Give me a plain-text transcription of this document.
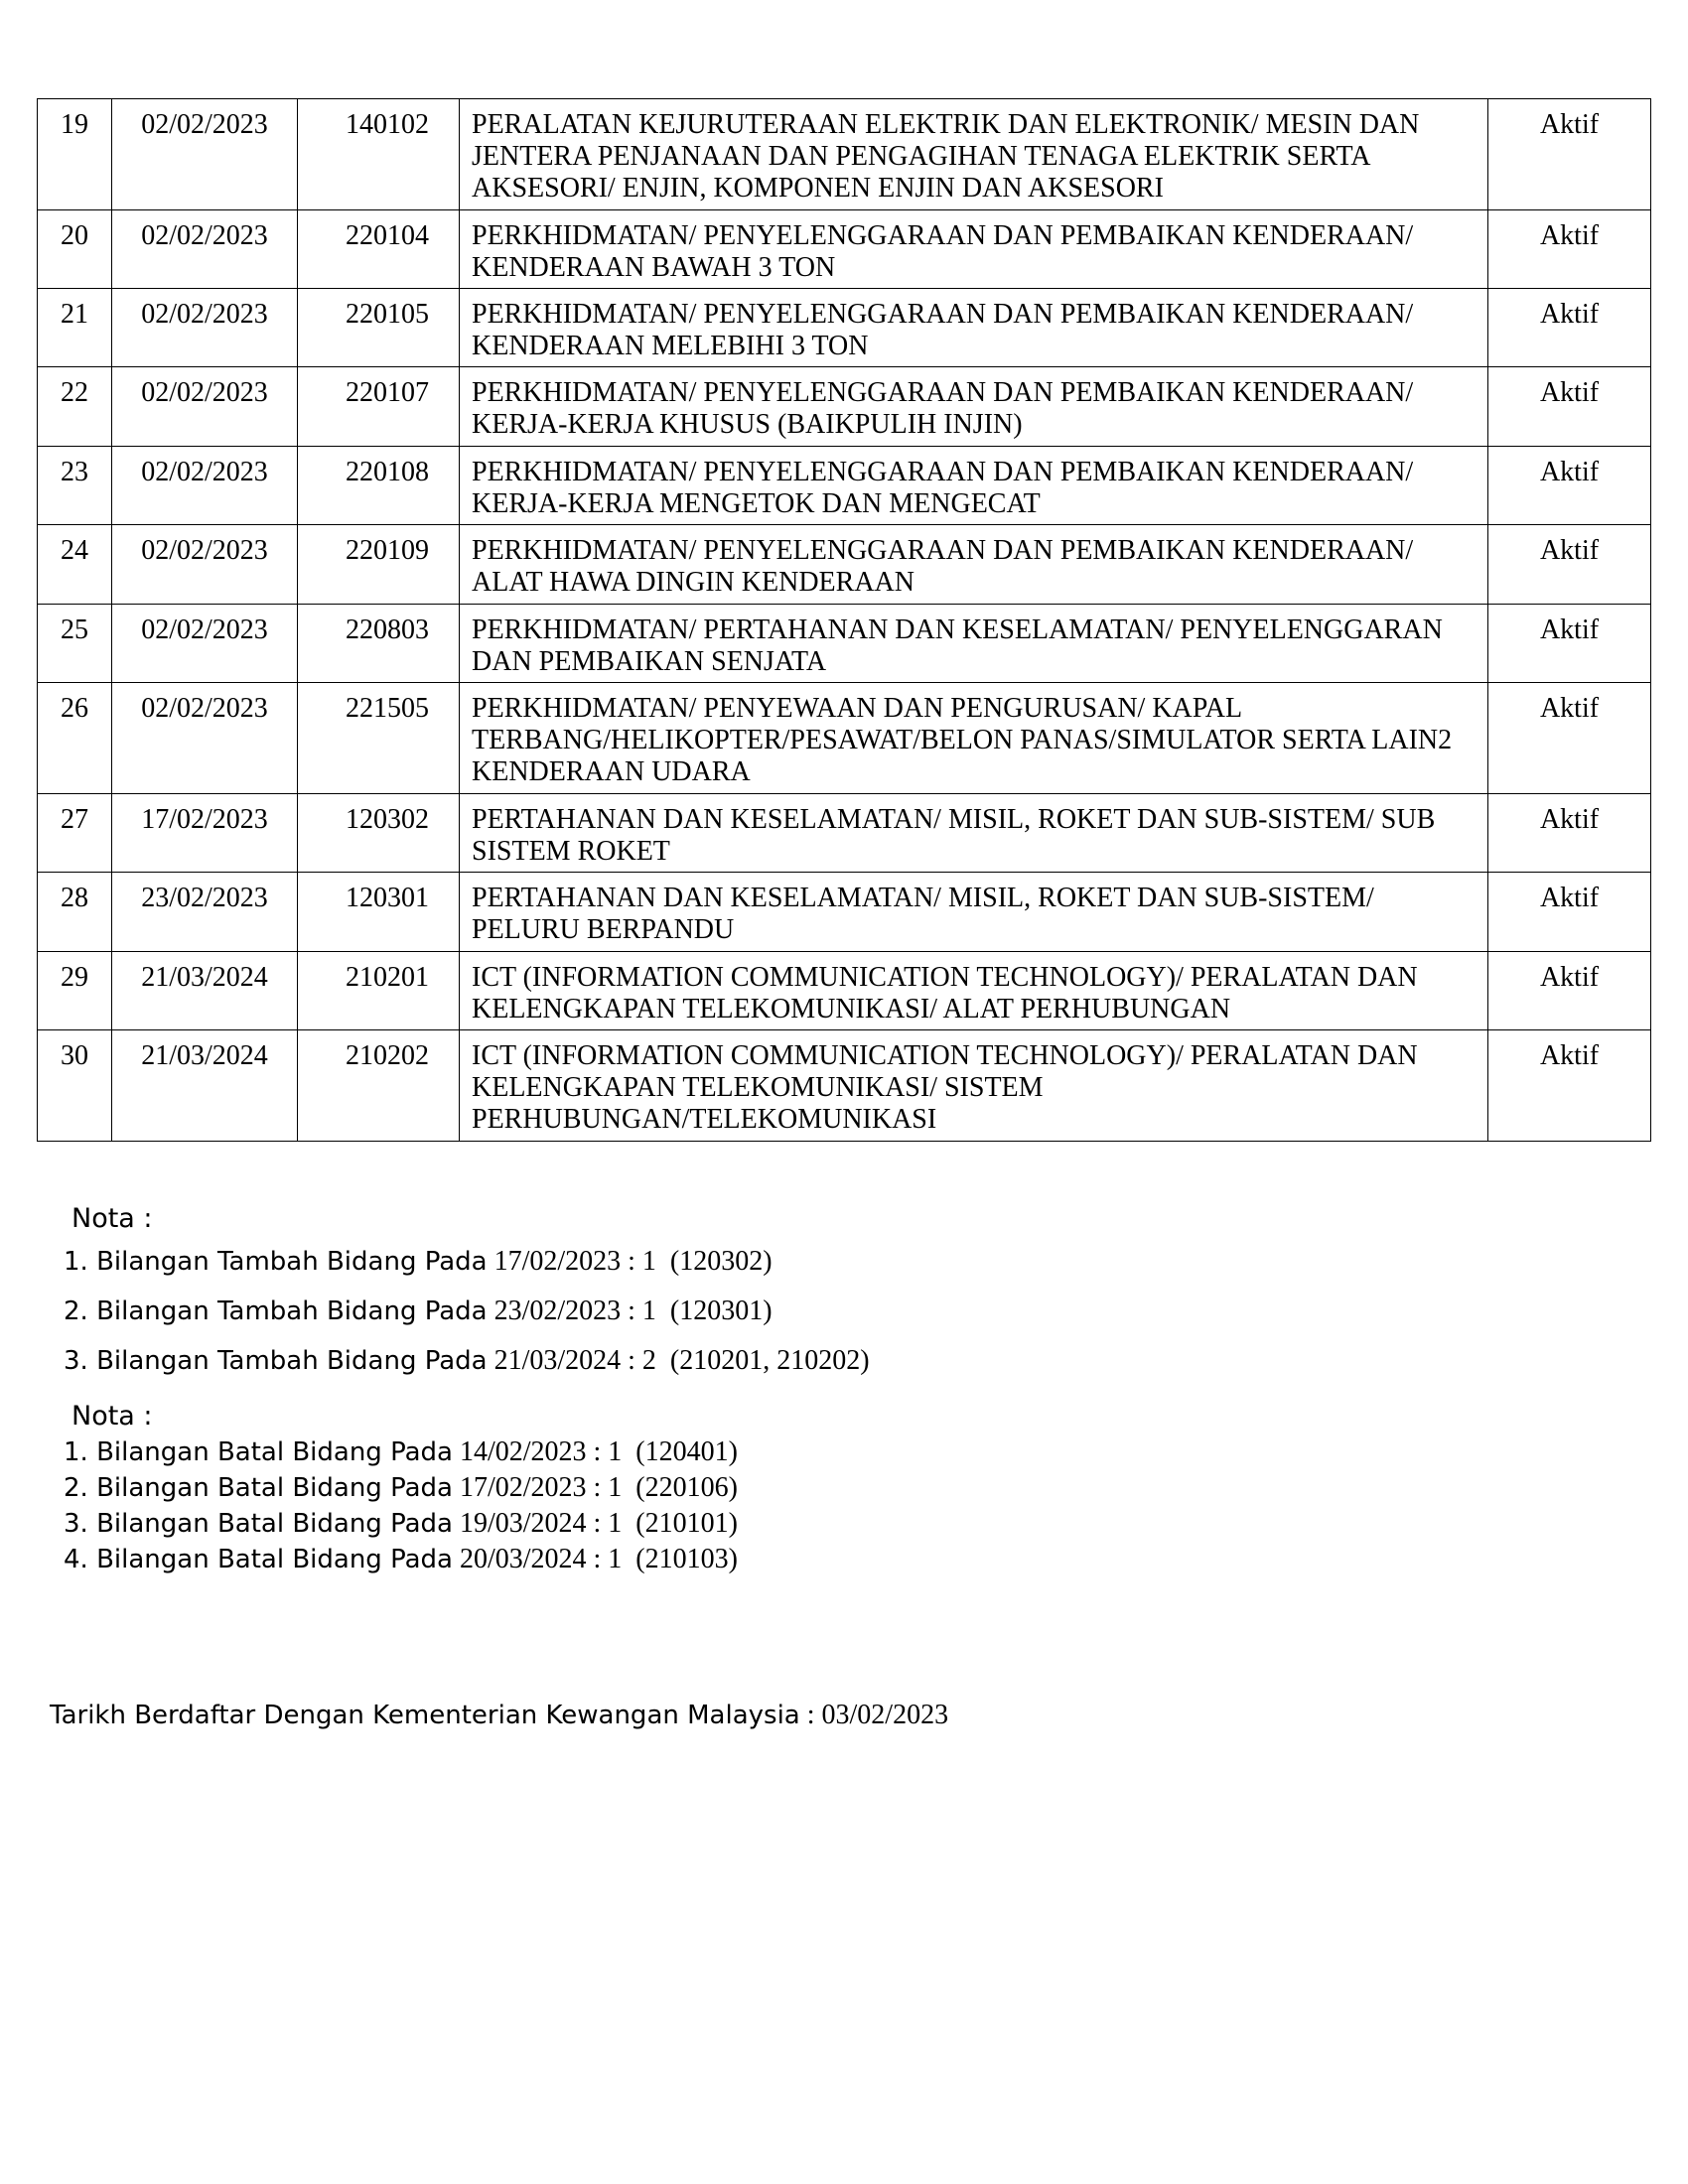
19	02/02/2023	140102	PERALATAN KEJURUTERAAN ELEKTRIK DAN ELEKTRONIK/ MESIN DAN JENTERA PENJANAAN DAN PENGAGIHAN TENAGA ELEKTRIK SERTA AKSESORI/ ENJIN, KOMPONEN ENJIN DAN AKSESORI	Aktif
20	02/02/2023	220104	PERKHIDMATAN/ PENYELENGGARAAN DAN PEMBAIKAN KENDERAAN/ KENDERAAN BAWAH 3 TON	Aktif
21	02/02/2023	220105	PERKHIDMATAN/ PENYELENGGARAAN DAN PEMBAIKAN KENDERAAN/ KENDERAAN MELEBIHI 3 TON	Aktif
22	02/02/2023	220107	PERKHIDMATAN/ PENYELENGGARAAN DAN PEMBAIKAN KENDERAAN/ KERJA-KERJA KHUSUS (BAIKPULIH INJIN)	Aktif
23	02/02/2023	220108	PERKHIDMATAN/ PENYELENGGARAAN DAN PEMBAIKAN KENDERAAN/ KERJA-KERJA MENGETOK DAN MENGECAT	Aktif
24	02/02/2023	220109	PERKHIDMATAN/ PENYELENGGARAAN DAN PEMBAIKAN KENDERAAN/ ALAT HAWA DINGIN KENDERAAN	Aktif
25	02/02/2023	220803	PERKHIDMATAN/ PERTAHANAN DAN KESELAMATAN/ PENYELENGGARAN DAN PEMBAIKAN SENJATA	Aktif
26	02/02/2023	221505	PERKHIDMATAN/ PENYEWAAN DAN PENGURUSAN/ KAPAL TERBANG/HELIKOPTER/PESAWAT/BELON PANAS/SIMULATOR SERTA LAIN2 KENDERAAN UDARA	Aktif
27	17/02/2023	120302	PERTAHANAN DAN KESELAMATAN/ MISIL, ROKET DAN SUB-SISTEM/ SUB SISTEM ROKET	Aktif
28	23/02/2023	120301	PERTAHANAN DAN KESELAMATAN/ MISIL, ROKET DAN SUB-SISTEM/ PELURU BERPANDU	Aktif
29	21/03/2024	210201	ICT (INFORMATION COMMUNICATION TECHNOLOGY)/ PERALATAN DAN KELENGKAPAN TELEKOMUNIKASI/ ALAT PERHUBUNGAN	Aktif
30	21/03/2024	210202	ICT (INFORMATION COMMUNICATION TECHNOLOGY)/ PERALATAN DAN KELENGKAPAN TELEKOMUNIKASI/ SISTEM PERHUBUNGAN/TELEKOMUNIKASI	Aktif
Nota :
1. Bilangan Tambah Bidang Pada 17/02/2023 : 1  (120302)
2. Bilangan Tambah Bidang Pada 23/02/2023 : 1  (120301)
3. Bilangan Tambah Bidang Pada 21/03/2024 : 2  (210201, 210202)
Nota :
1. Bilangan Batal Bidang Pada 14/02/2023 : 1  (120401)
2. Bilangan Batal Bidang Pada 17/02/2023 : 1  (220106)
3. Bilangan Batal Bidang Pada 19/03/2024 : 1  (210101)
4. Bilangan Batal Bidang Pada 20/03/2024 : 1  (210103)
Tarikh Berdaftar Dengan Kementerian Kewangan Malaysia : 03/02/2023
